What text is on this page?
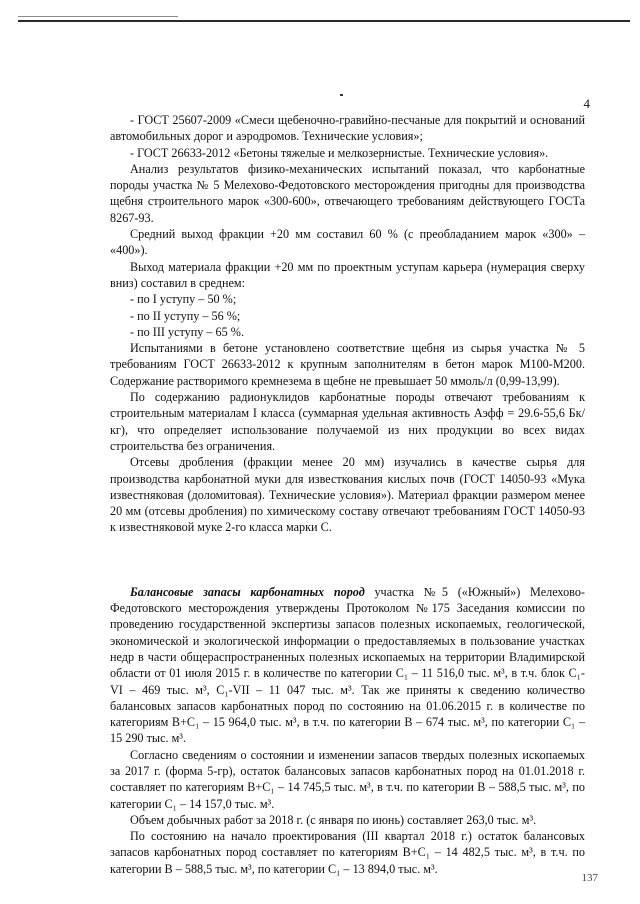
4

- ГОСТ 25607-2009 «Смеси щебеночно-гравийно-песчаные для покрытий и оснований автомобильных дорог и аэродромов. Технические условия»;

- ГОСТ 26633-2012 «Бетоны тяжелые и мелкозернистые. Технические условия».

Анализ результатов физико-механических испытаний показал, что карбонатные породы участка № 5 Мелехово-Федотовского месторождения пригодны для производства щебня строительного марок «300-600», отвечающего требованиям действующего ГОСТа 8267-93.

Средний выход фракции +20 мм составил 60 % (с преобладанием марок «300» – «400»).

Выход материала фракции +20 мм по проектным уступам карьера (нумерация сверху вниз) составил в среднем:

- по I уступу – 50 %;

- по II уступу – 56 %;

- по III уступу – 65 %.

Испытаниями в бетоне установлено соответствие щебня из сырья участка № 5 требованиям ГОСТ 26633-2012 к крупным заполнителям в бетон марок М100-М200. Содержание растворимого кремнезема в щебне не превышает 50 ммоль/л (0,99-13,99).

По содержанию радионуклидов карбонатные породы отвечают требованиям к строительным материалам I класса (суммарная удельная активность Аэфф = 29.6-55,6 Бк/кг), что определяет использование получаемой из них продукции во всех видах строительства без ограничения.

Отсевы дробления (фракции менее 20 мм) изучались в качестве сырья для производства карбонатной муки для известкования кислых почв (ГОСТ 14050-93 «Мука известняковая (доломитовая). Технические условия»). Материал фракции размером менее 20 мм (отсевы дробления) по химическому составу отвечают требованиям ГОСТ 14050-93 к известняковой муке 2-го класса марки С.

Балансовые запасы карбонатных пород участка №5 («Южный») Мелехово-Федотовского месторождения утверждены Протоколом №175 Заседания комиссии по проведению государственной экспертизы запасов полезных ископаемых, геологической, экономической и экологической информации о предоставляемых в пользование участках недр в части общераспространенных полезных ископаемых на территории Владимирской области от 01 июля 2015 г. в количестве по категории С₁ – 11 516,0 тыс. м³, в т.ч. блок С₁-VI – 469 тыс. м³, С₁-VII – 11 047 тыс. м³. Так же приняты к сведению количество балансовых запасов карбонатных пород по состоянию на 01.06.2015 г. в количестве по категориям В+С₁ – 15 964,0 тыс. м³, в т.ч. по категории В – 674 тыс. м³, по категории С₁ – 15 290 тыс. м³.

Согласно сведениям о состоянии и изменении запасов твердых полезных ископаемых за 2017 г. (форма 5-гр), остаток балансовых запасов карбонатных пород на 01.01.2018 г. составляет по категориям В+С₁ – 14 745,5 тыс. м³, в т.ч. по категории В – 588,5 тыс. м³, по категории С₁ – 14 157,0 тыс. м³.

Объем добычных работ за 2018 г. (с января по июнь) составляет 263,0 тыс. м³.

По состоянию на начало проектирования (III квартал 2018 г.) остаток балансовых запасов карбонатных пород составляет по категориям В+С₁ – 14 482,5 тыс. м³, в т.ч. по категории В – 588,5 тыс. м³, по категории С₁ – 13 894,0 тыс. м³.

137
